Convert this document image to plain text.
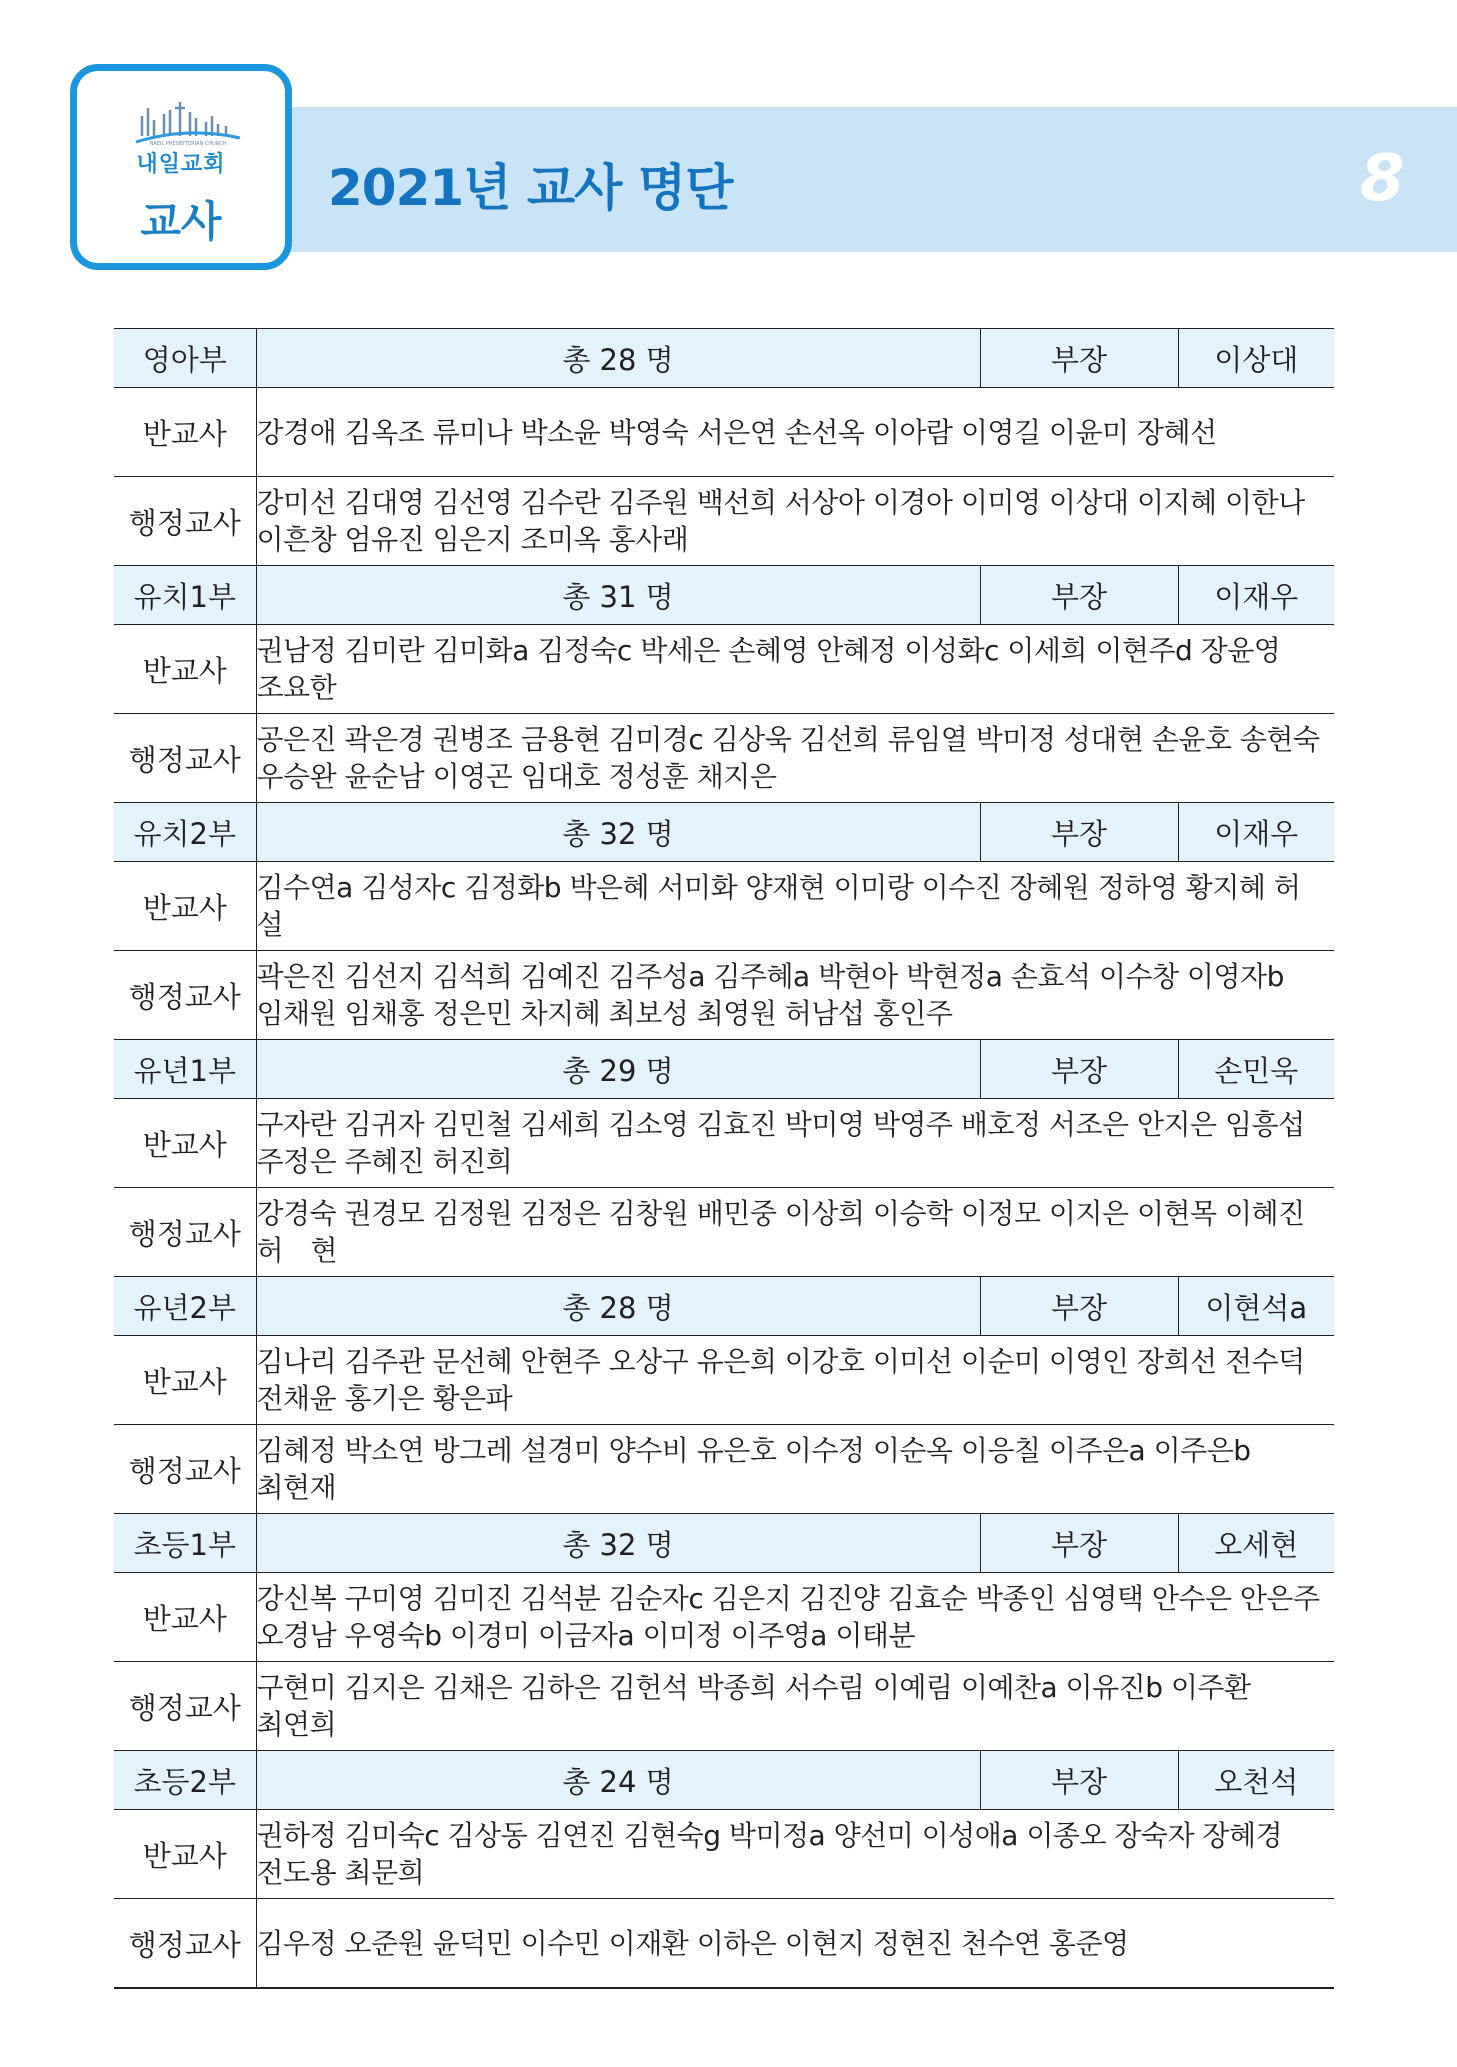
NAEIL PRESBYTERIAN CHURCH
내일교회
교사
2021년 교사 명단	8
영아부	총 28 명	부장	이상대
반교사	강경애 김옥조 류미나 박소윤 박영숙 서은연 손선옥 이아람 이영길 이윤미 장혜선		
행정교사	강미선 김대영 김선영 김수란 김주원 백선희 서상아 이경아 이미영 이상대 이지혜 이한나 이흔창 엄유진 임은지 조미옥 홍사래		
유치1부	총 31 명	부장	이재우
반교사	권남정 김미란 김미화a 김정숙c 박세은 손혜영 안혜정 이성화c 이세희 이현주d 장윤영 조요한		
행정교사	공은진 곽은경 권병조 금용현 김미경c 김상욱 김선희 류임열 박미정 성대현 손윤호 송현숙 우승완 윤순남 이영곤 임대호 정성훈 채지은		
유치2부	총 32 명	부장	이재우
반교사	김수연a 김성자c 김정화b 박은혜 서미화 양재현 이미랑 이수진 장혜원 정하영 황지혜 허　설		
행정교사	곽은진 김선지 김석희 김예진 김주성a 김주혜a 박현아 박현정a 손효석 이수창 이영자b 임채원 임채홍 정은민 차지혜 최보성 최영원 허남섭 홍인주		
유년1부	총 29 명	부장	손민욱
반교사	구자란 김귀자 김민철 김세희 김소영 김효진 박미영 박영주 배호정 서조은 안지은 임흥섭 주정은 주혜진 허진희		
행정교사	강경숙 권경모 김정원 김정은 김창원 배민중 이상희 이승학 이정모 이지은 이현목 이혜진 허　현		
유년2부	총 28 명	부장	이현석a
반교사	김나리 김주관 문선혜 안현주 오상구 유은희 이강호 이미선 이순미 이영인 장희선 전수덕 전채윤 홍기은 황은파		
행정교사	김혜정 박소연 방그레 설경미 양수비 유은호 이수정 이순옥 이응칠 이주은a 이주은b 최현재		
초등1부	총 32 명	부장	오세현
반교사	강신복 구미영 김미진 김석분 김순자c 김은지 김진양 김효순 박종인 심영택 안수은 안은주 오경남 우영숙b 이경미 이금자a 이미정 이주영a 이태분		
행정교사	구현미 김지은 김채은 김하은 김헌석 박종희 서수림 이예림 이예찬a 이유진b 이주환 최연희		
초등2부	총 24 명	부장	오천석
반교사	권하정 김미숙c 김상동 김연진 김현숙g 박미정a 양선미 이성애a 이종오 장숙자 장혜경 전도용 최문희		
행정교사	김우정 오준원 윤덕민 이수민 이재환 이하은 이현지 정현진 천수연 홍준영		
